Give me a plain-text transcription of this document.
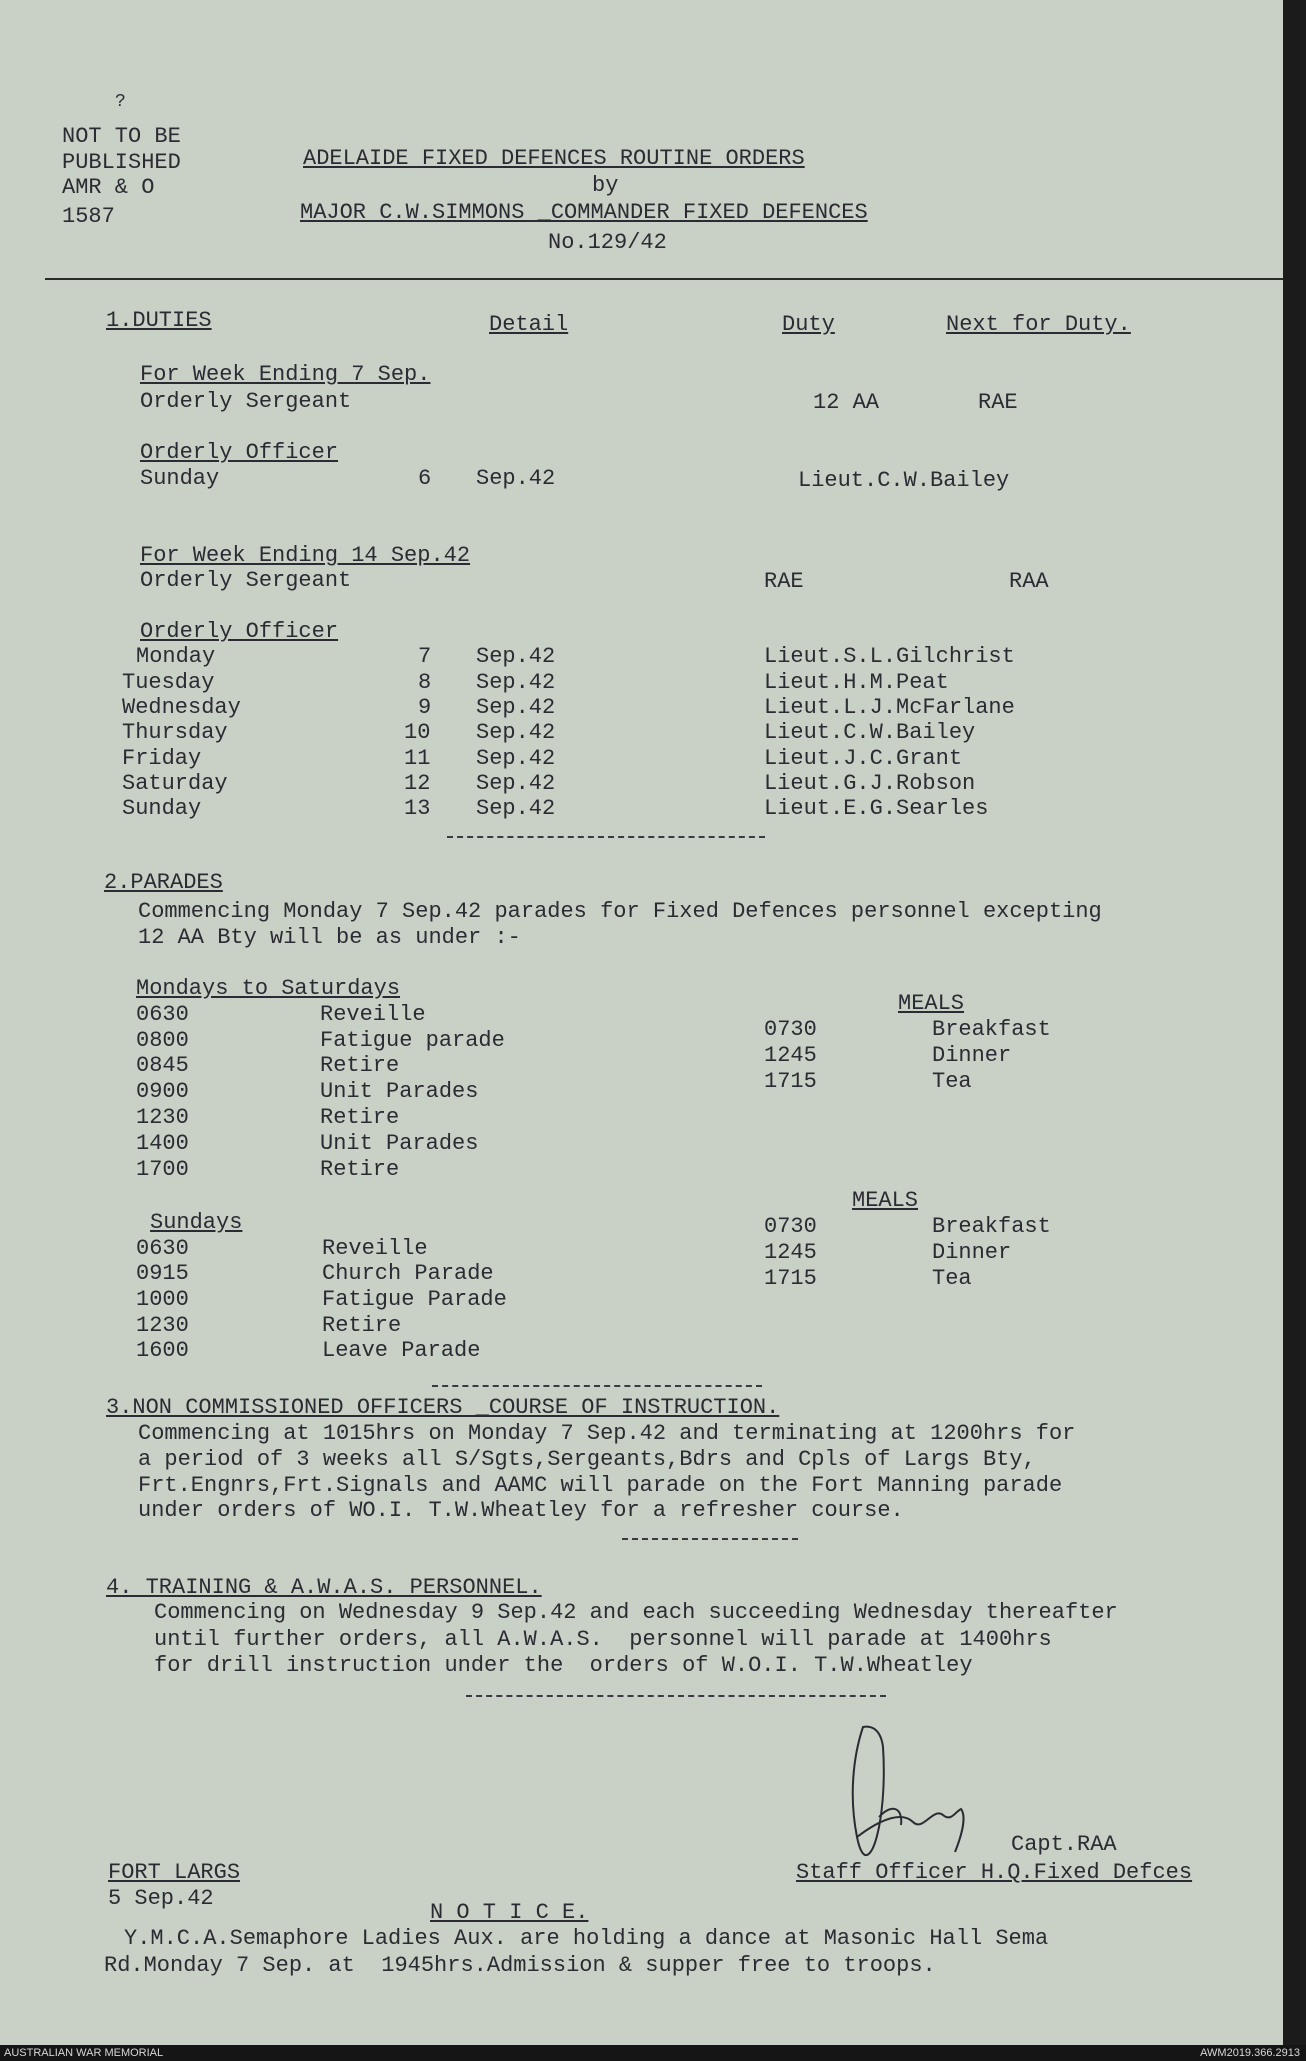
?
NOT TO BE
PUBLISHED
AMR & O
1587
ADELAIDE FIXED DEFENCES ROUTINE ORDERS
by
MAJOR C.W.SIMMONS _COMMANDER FIXED DEFENCES
No.129/42
1.DUTIES	Detail	Duty	Next for Duty.
For Week Ending 7 Sep.
Orderly Sergeant	12 AA	RAE
Orderly Officer
Sunday	6 Sep.42	Lieut.C.W.Bailey
For Week Ending 14 Sep.42
Orderly Sergeant	RAE	RAA
Orderly Officer
Monday	7 Sep.42	Lieut.S.L.Gilchrist
Tuesday	8 Sep.42	Lieut.H.M.Peat
Wednesday	9 Sep.42	Lieut.L.J.McFarlane
Thursday	10 Sep.42	Lieut.C.W.Bailey
Friday	11 Sep.42	Lieut.J.C.Grant
Saturday	12 Sep.42	Lieut.G.J.Robson
Sunday	13 Sep.42	Lieut.E.G.Searles
2.PARADES
Commencing Monday 7 Sep.42 parades for Fixed Defences personnel excepting
12 AA Bty will be as under :-
Mondays to Saturdays
0630	Reveille
0800	Fatigue parade
0845	Retire
0900	Unit Parades
1230	Retire
1400	Unit Parades
1700	Retire
MEALS
0730	Breakfast
1245	Dinner
1715	Tea
Sundays
0630	Reveille
0915	Church Parade
1000	Fatigue Parade
1230	Retire
1600	Leave Parade
MEALS
0730	Breakfast
1245	Dinner
1715	Tea
3.NON COMMISSIONED OFFICERS _COURSE OF INSTRUCTION.
Commencing at 1015hrs on Monday 7 Sep.42 and terminating at 1200hrs for
a period of 3 weeks all S/Sgts,Sergeants,Bdrs and Cpls of Largs Bty,
Frt.Engnrs,Frt.Signals and AAMC will parade on the Fort Manning parade
under orders of WO.I. T.W.Wheatley for a refresher course.
4. TRAINING & A.W.A.S. PERSONNEL.
Commencing on Wednesday 9 Sep.42 and each succeeding Wednesday thereafter
until further orders, all A.W.A.S.  personnel will parade at 1400hrs
for drill instruction under the  orders of W.O.I. T.W.Wheatley
Capt.RAA
Staff Officer H.Q.Fixed Defces
FORT LARGS
5 Sep.42
N O T I C E.
Y.M.C.A.Semaphore Ladies Aux. are holding a dance at Masonic Hall Sema
Rd.Monday 7 Sep. at  1945hrs.Admission & supper free to troops.
AUSTRALIAN WAR MEMORIAL	AWM2019.366.2913
